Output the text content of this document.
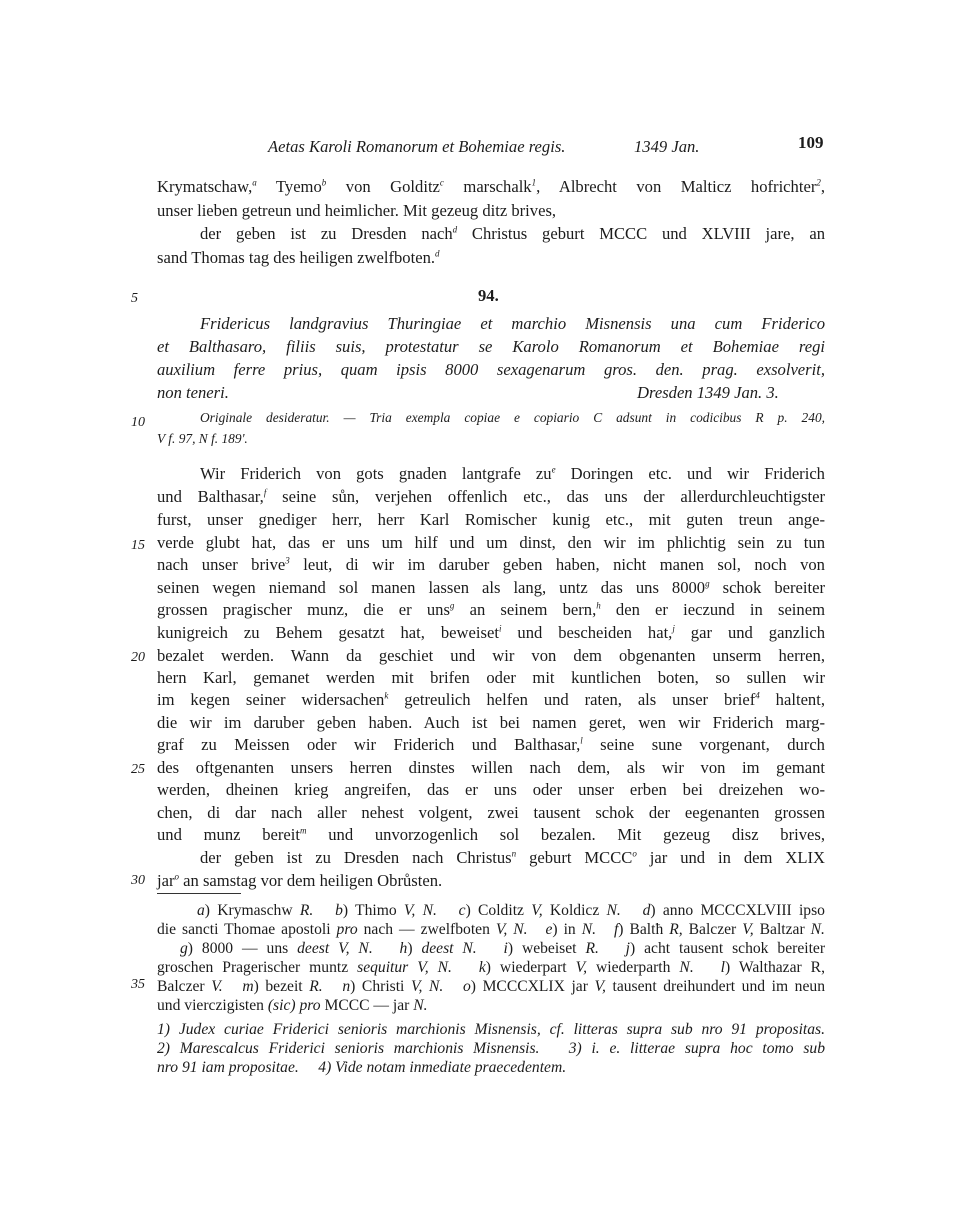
Aetas Karoli Romanorum et Bohemiae regis.	1349 Jan.	109
5
10
15
20
25
30
35
Krymatschaw,$^a$ Tyemo$^b$ von Golditz$^c$ marschalk$^1$, Albrecht von Malticz hofrichter$^2$,
unser lieben getreun und heimlicher. Mit gezeug ditz brives,
der geben ist zu Dresden nach$^d$ Christus geburt MCCC und XLVIII jare, an
sand Thomas tag des heiligen zwelfboten.$^d$
94.
Fridericus landgravius Thuringiae et marchio Misnensis una cum Friderico
et Balthasaro, filiis suis, protestatur se Karolo Romanorum et Bohemiae regi
auxilium ferre prius, quam ipsis 8000 sexagenarum gros. den. prag. exsolverit,
non teneri.	Dresden 1349 Jan. 3.
Originale desideratur. — Tria exempla copiae e copiario C adsunt in codicibus R p. 240,
V f. 97, N f. 189'.
Wir Friderich von gots gnaden lantgrafe $zu^e$ Doringen etc. und wir Friderich
und Balthasar,$^f$ seine sůn, verjehen offenlich etc., das uns der allerdurchleuchtigster
furst, unser gnediger herr, herr Karl Romischer kunig etc., mit guten treun ange-
verde glubt hat, das er uns um hilf und um dinst, den wir im phlichtig sein zu tun
nach unser brive$^3$ leut, di wir im daruber geben haben, nicht manen sol, noch von
seinen wegen niemand sol manen lassen als lang, untz das uns 8000$^g$ schok bereiter
grossen pragischer munz, die er uns$^g$ an seinem bern,$^h$ den er ieczund in seinem
kunigreich zu Behem gesatzt hat, beweiset$^i$ und bescheiden hat,$^j$ gar und ganzlich
bezalet werden. Wann da geschiet und wir von dem obgenanten unserm herren,
hern Karl, gemanet werden mit brifen oder mit kuntlichen boten, so sullen wir
im kegen seiner widersachen$^k$ getreulich helfen und raten, als unser brief$^4$ haltent,
die wir im daruber geben haben. Auch ist bei namen geret, wen wir Friderich marg-
graf zu Meissen oder wir Friderich und Balthasar,$^l$ seine sune vorgenant, durch
des oftgenanten unsers herren dinstes willen nach dem, als wir von im gemant
werden, dheinen krieg angreifen, das er uns oder unser erben bei dreizehen wo-
chen, di dar nach aller nehest volgent, zwei tausent schok der eegenanten grossen
und munz bereit$^m$ und unvorzogenlich sol bezalen. Mit gezeug disz brives,
der geben ist zu Dresden nach Christus$^n$ geburt MCCC$^o$ jar und in dem XLIX
jar$^o$ an samstag vor dem heiligen Obrůsten.
a) Krymaschw R. b) Thimo V, N. c) Colditz V, Koldicz N. d) anno MCCCXLVIII ipso
die sancti Thomae apostoli pro nach — zwelfboten V, N. e) in N. f) Baltħ R, Balczer V, Baltzar N.
g) 8000 — uns deest V, N. h) deest N. i) webeiset R. j) acht tausent schok bereiter
groschen Pragerischer muntz sequitur V, N. k) wiederpart V, wiederparth N. l) Walthazar R,
Balczer V. m) bezeit R. n) Christi V, N. o) MCCCXLIX jar V, tausent dreihundert und im neun
und vierczigisten (sic) pro MCCC — jar N.
1) Judex curiae Friderici senioris marchionis Misnensis, cf. litteras supra sub nro 91 propositas.
2) Marescalcus Friderici senioris marchionis Misnensis.   3) i. e. litterae supra hoc tomo sub
nro 91 iam propositae.     4) Vide notam inmediate praecedentem.
